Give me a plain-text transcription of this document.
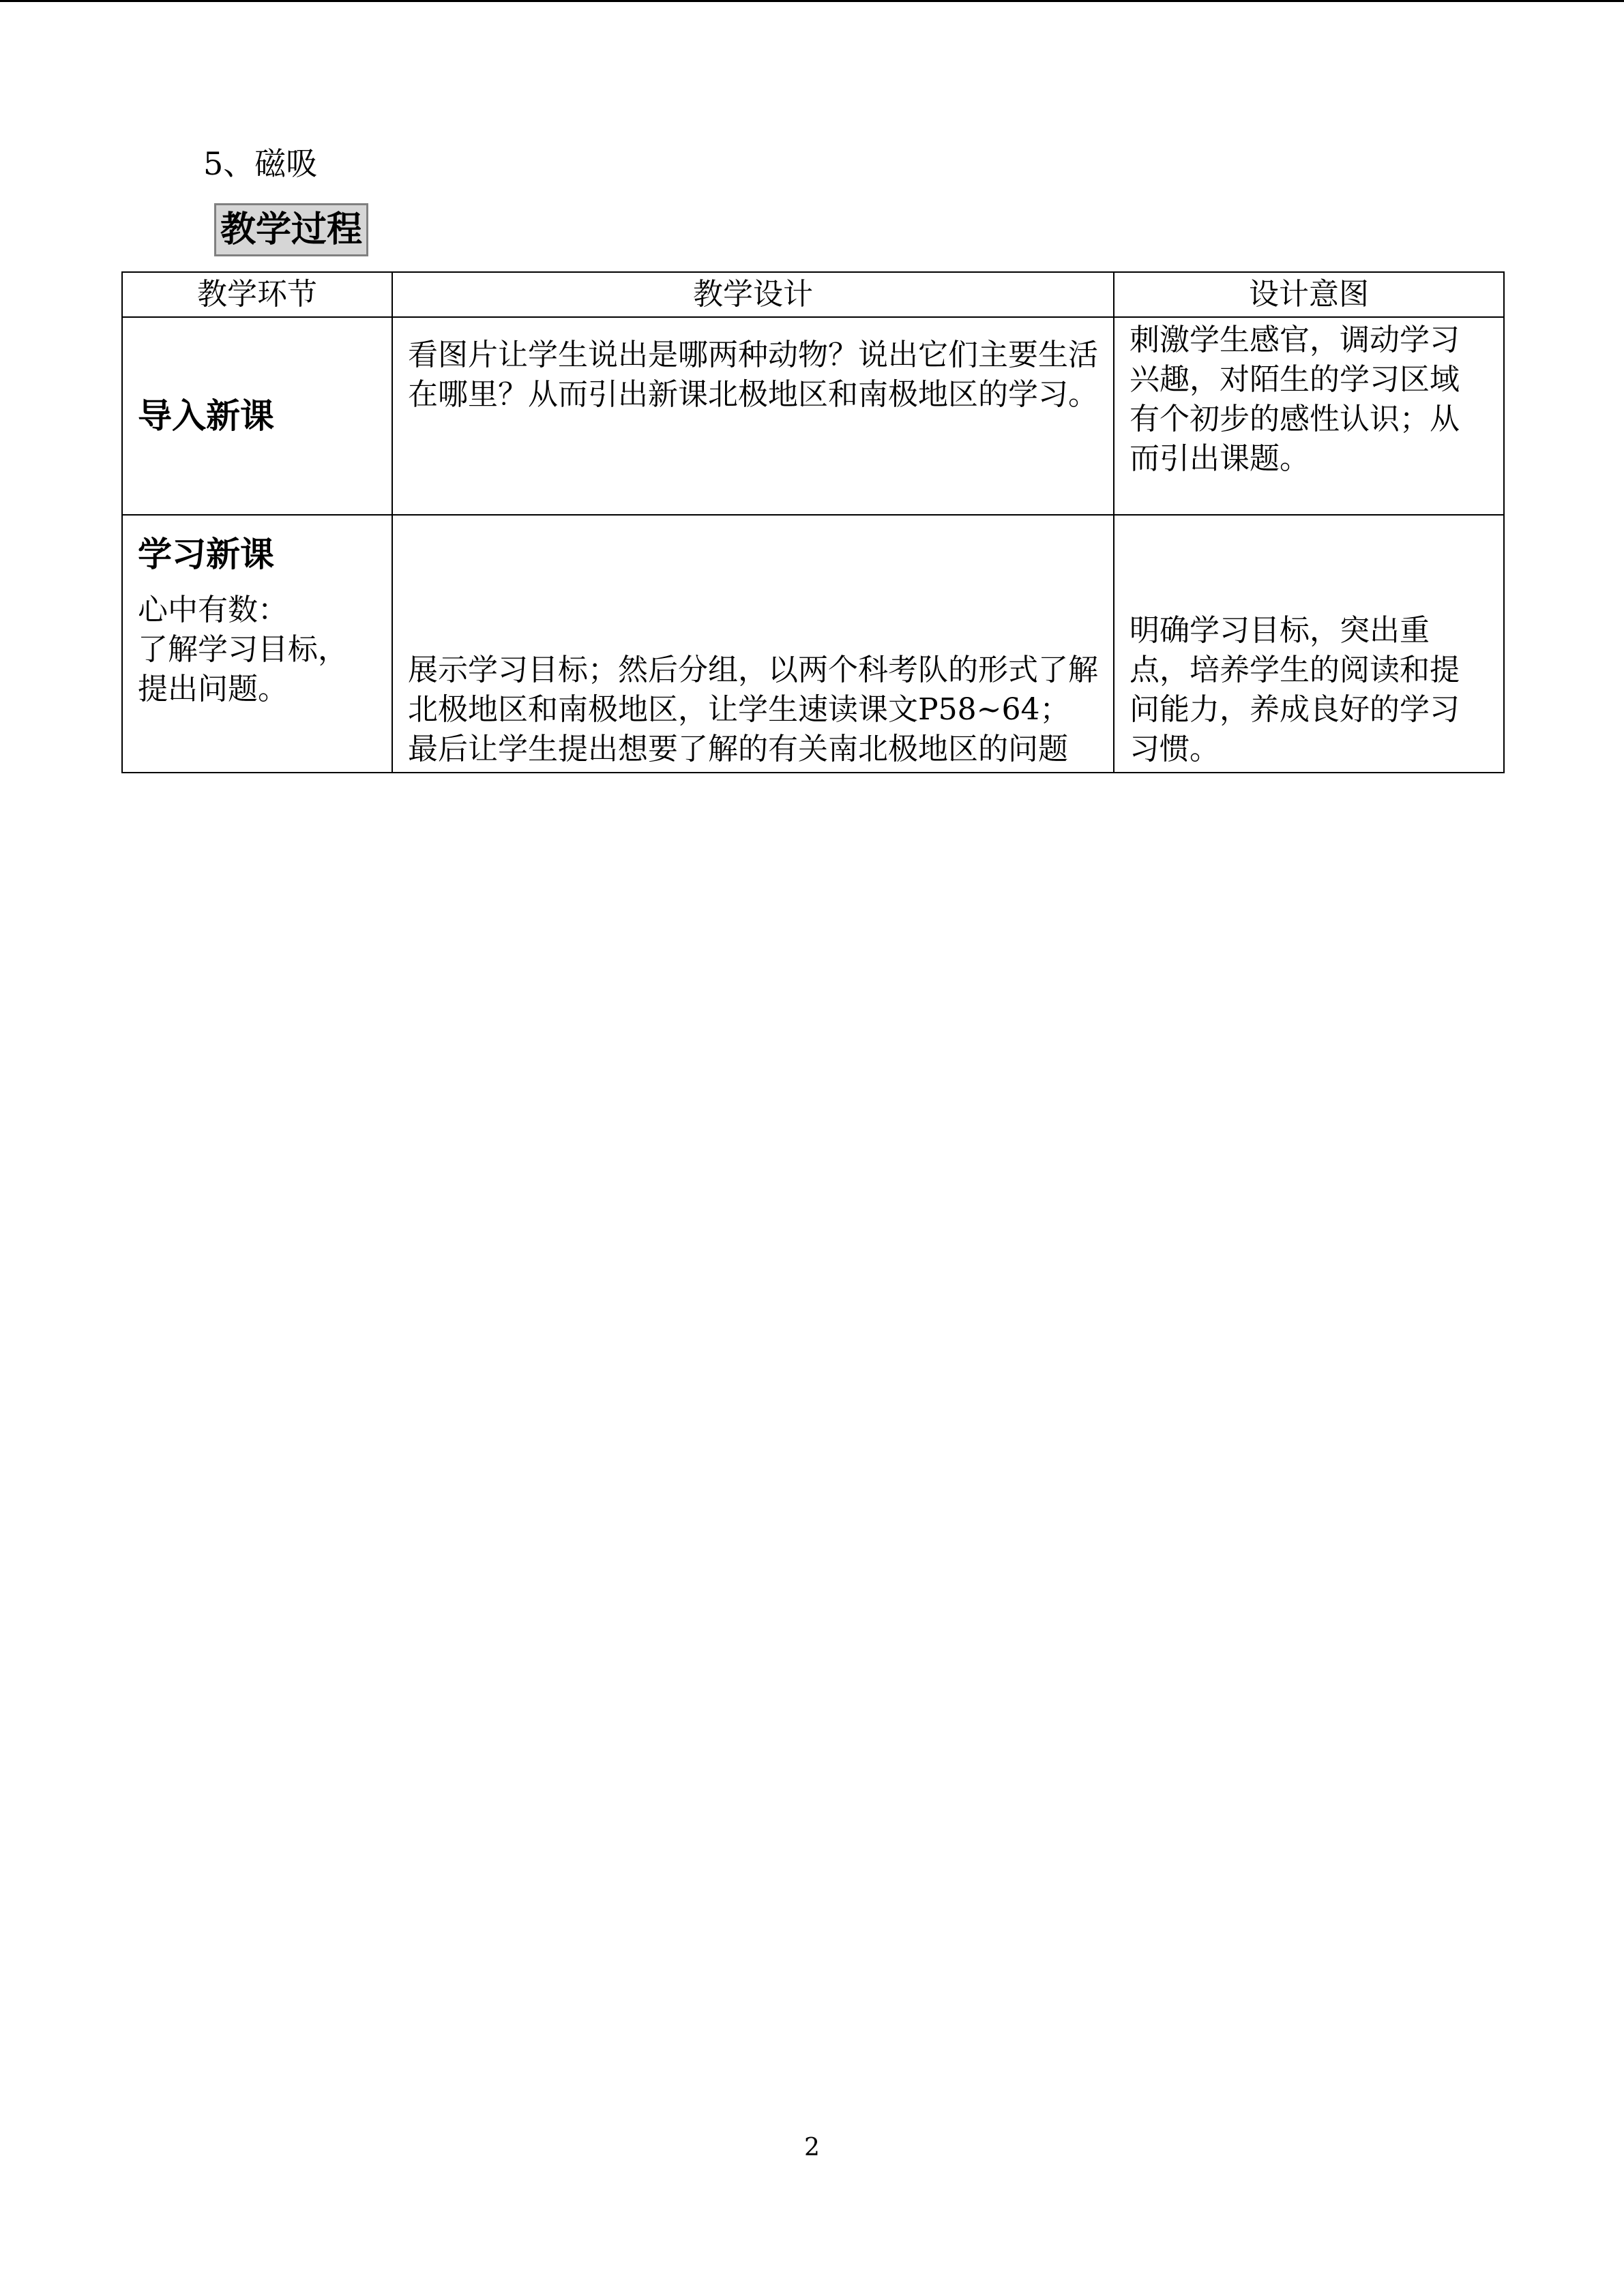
5、磁吸
教学过程
教学环节	教学设计	设计意图

导入新课	看图片让学生说出是哪两种动物？说出它们主要生活在哪里？从而引出新课北极地区和南极地区的学习。	刺激学生感官，调动学习兴趣，对陌生的学习区域有个初步的感性认识；从而引出课题。

学习新课
心中有数：
了解学习目标，
提出问题。	展示学习目标；然后分组，以两个科考队的形式了解北极地区和南极地区，让学生速读课文P58~64；最后让学生提出想要了解的有关南北极地区的问题	明确学习目标，突出重点，培养学生的阅读和提问能力，养成良好的学习习惯。
2
